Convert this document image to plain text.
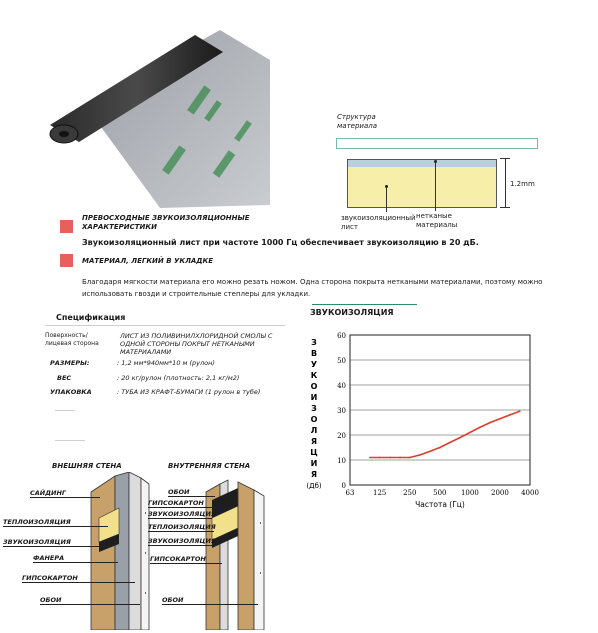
Структура материала
1.2mm
звукоизоляционный лист
нетканые материалы
ПРЕВОСХОДНЫЕ ЗВУКОИЗОЛЯЦИОННЫЕ ХАРАКТЕРИСТИКИ
Звукоизоляционный лист при частоте 1000 Гц обеспечивает звукоизоляцию в 20 дБ.
МАТЕРИАЛ, ЛЕГКИЙ В УКЛАДКЕ
Благодаря мягкости материала его можно резать ножом. Одна сторона покрыта неткаными материалами, поэтому можно использовать гвозди и строительные степлеры для укладки.
Спецификация
Поверхность/лицевая сторона
ЛИСТ ИЗ ПОЛИВИНИЛХЛОРИДНОЙ СМОЛЫ С ОДНОЙ СТОРОНЫ ПОКРЫТ НЕТКАНЫМИ МАТЕРИАЛАМИ
РАЗМЕРЫ:	: 1,2 мм*940мм*10 м (рулон)
ВЕС	: 20 кг/рулон (плотность: 2,1 кг/м2)
УПАКОВКА	: ТУБА ИЗ КРАФТ-БУМАГИ (1 рулон в тубе)
ВНЕШНЯЯ СТЕНА	ВНУТРЕННЯЯ СТЕНА
САЙДИНГ
ТЕПЛОИЗОЛЯЦИЯ
ЗВУКОИЗОЛЯЦИЯ
ФАНЕРА
ГИПСОКАРТОН
ОБОИ
ОБОИ
ГИПСОКАРТОН
ЗВУКОИЗОЛЯЦИЯ
ТЕПЛОИЗОЛЯЦИЯ
ЗВУКОИЗОЛЯЦИЯ
ГИПСОКАРТОН
ОБОИ
ЗВУКОИЗОЛЯЦИЯ
0
10
20
30
40
50
60
63	125 250 500 1000 2000 4000
З
В
У
К
О
И
З
О
Л
Я
Ц
И
Я
(Дб)
Частота (Гц)
